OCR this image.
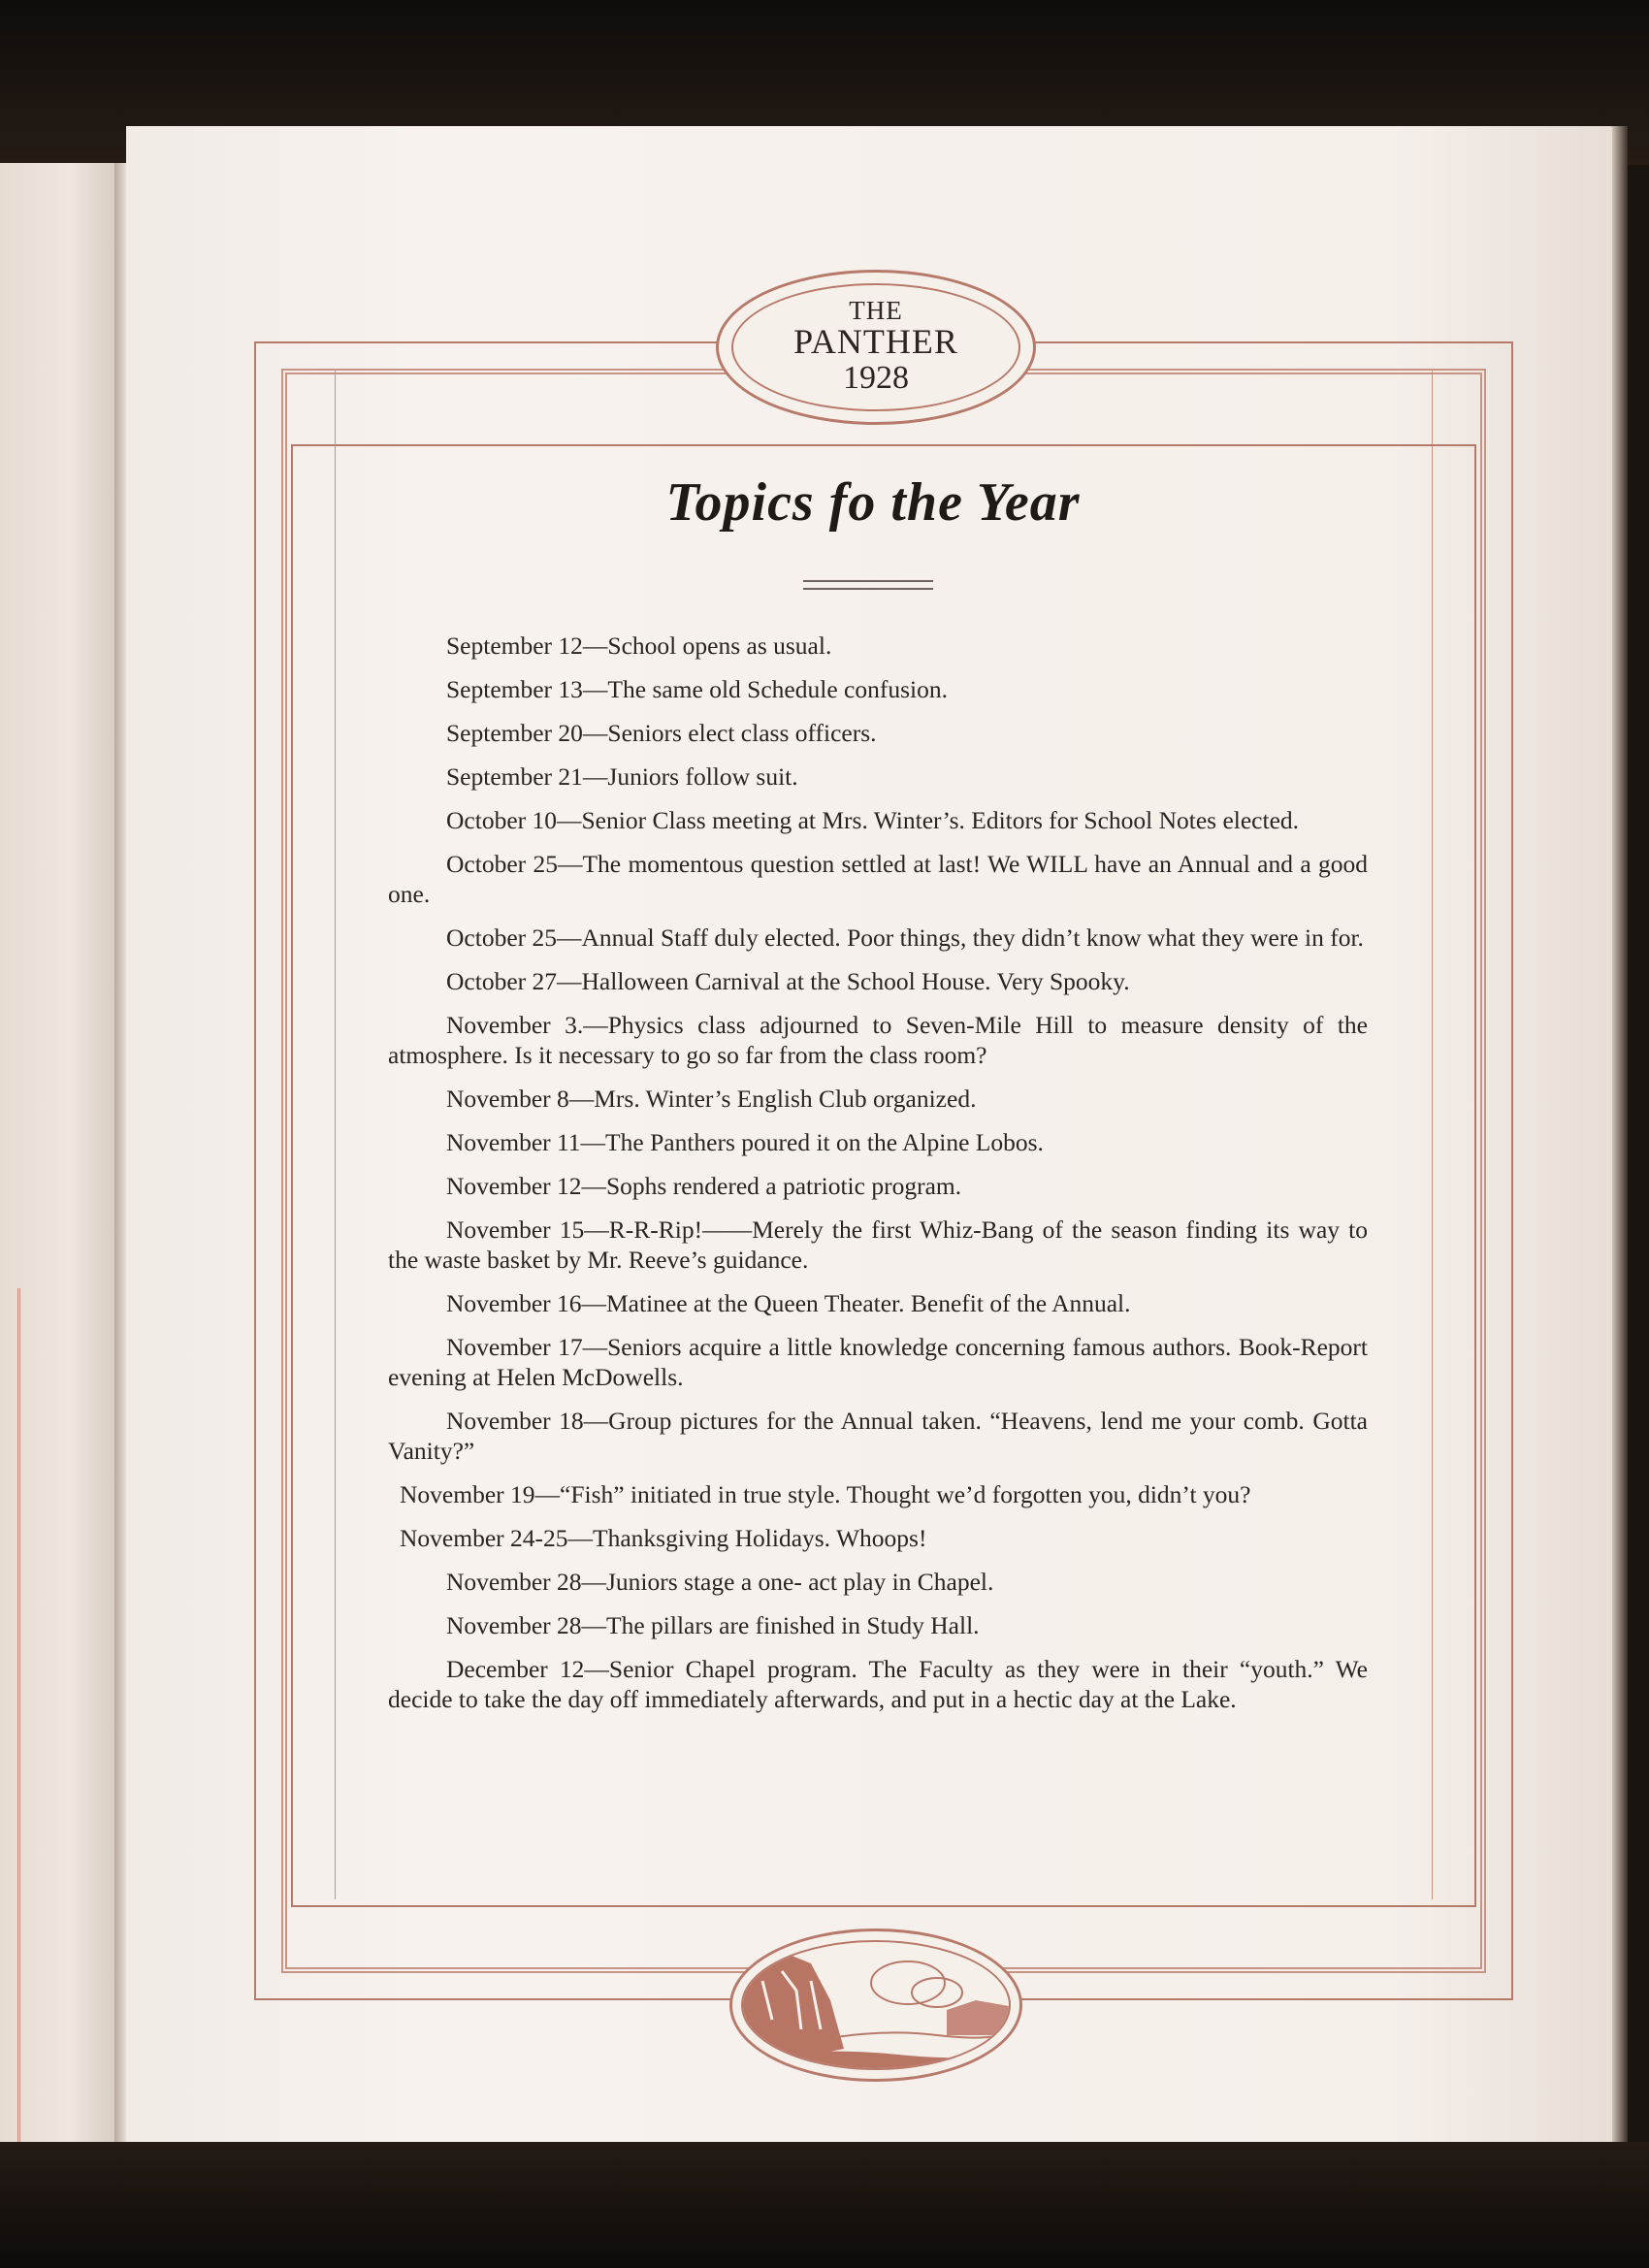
THE
PANTHER
1928
Topics fo the Year

September 12—School opens as usual.

September 13—The same old Schedule confusion.

September 20—Seniors elect class officers.

September 21—Juniors follow suit.

October 10—Senior Class meeting at Mrs. Winter’s. Editors for School Notes elected.

October 25—The momentous question settled at last! We WILL have an Annual and a good one.

October 25—Annual Staff duly elected. Poor things, they didn’t know what they were in for.

October 27—Halloween Carnival at the School House. Very Spooky.

November 3.—Physics class adjourned to Seven-Mile Hill to measure density of the atmosphere. Is it necessary to go so far from the class room?

November 8—Mrs. Winter’s English Club organized.

November 11—The Panthers poured it on the Alpine Lobos.

November 12—Sophs rendered a patriotic program.

November 15—R-R-Rip!——Merely the first Whiz-Bang of the season finding its way to the waste basket by Mr. Reeve’s guidance.

November 16—Matinee at the Queen Theater. Benefit of the Annual.

November 17—Seniors acquire a little knowledge concerning famous authors. Book-Report evening at Helen McDowells.

November 18—Group pictures for the Annual taken. “Heavens, lend me your comb. Gotta Vanity?”

November 19—“Fish” initiated in true style. Thought we’d forgotten you, didn’t you?

November 24-25—Thanksgiving Holidays. Whoops!

November 28—Juniors stage a one- act play in Chapel.

November 28—The pillars are finished in Study Hall.

December 12—Senior Chapel program. The Faculty as they were in their “youth.” We decide to take the day off immediately afterwards, and put in a hectic day at the Lake.
